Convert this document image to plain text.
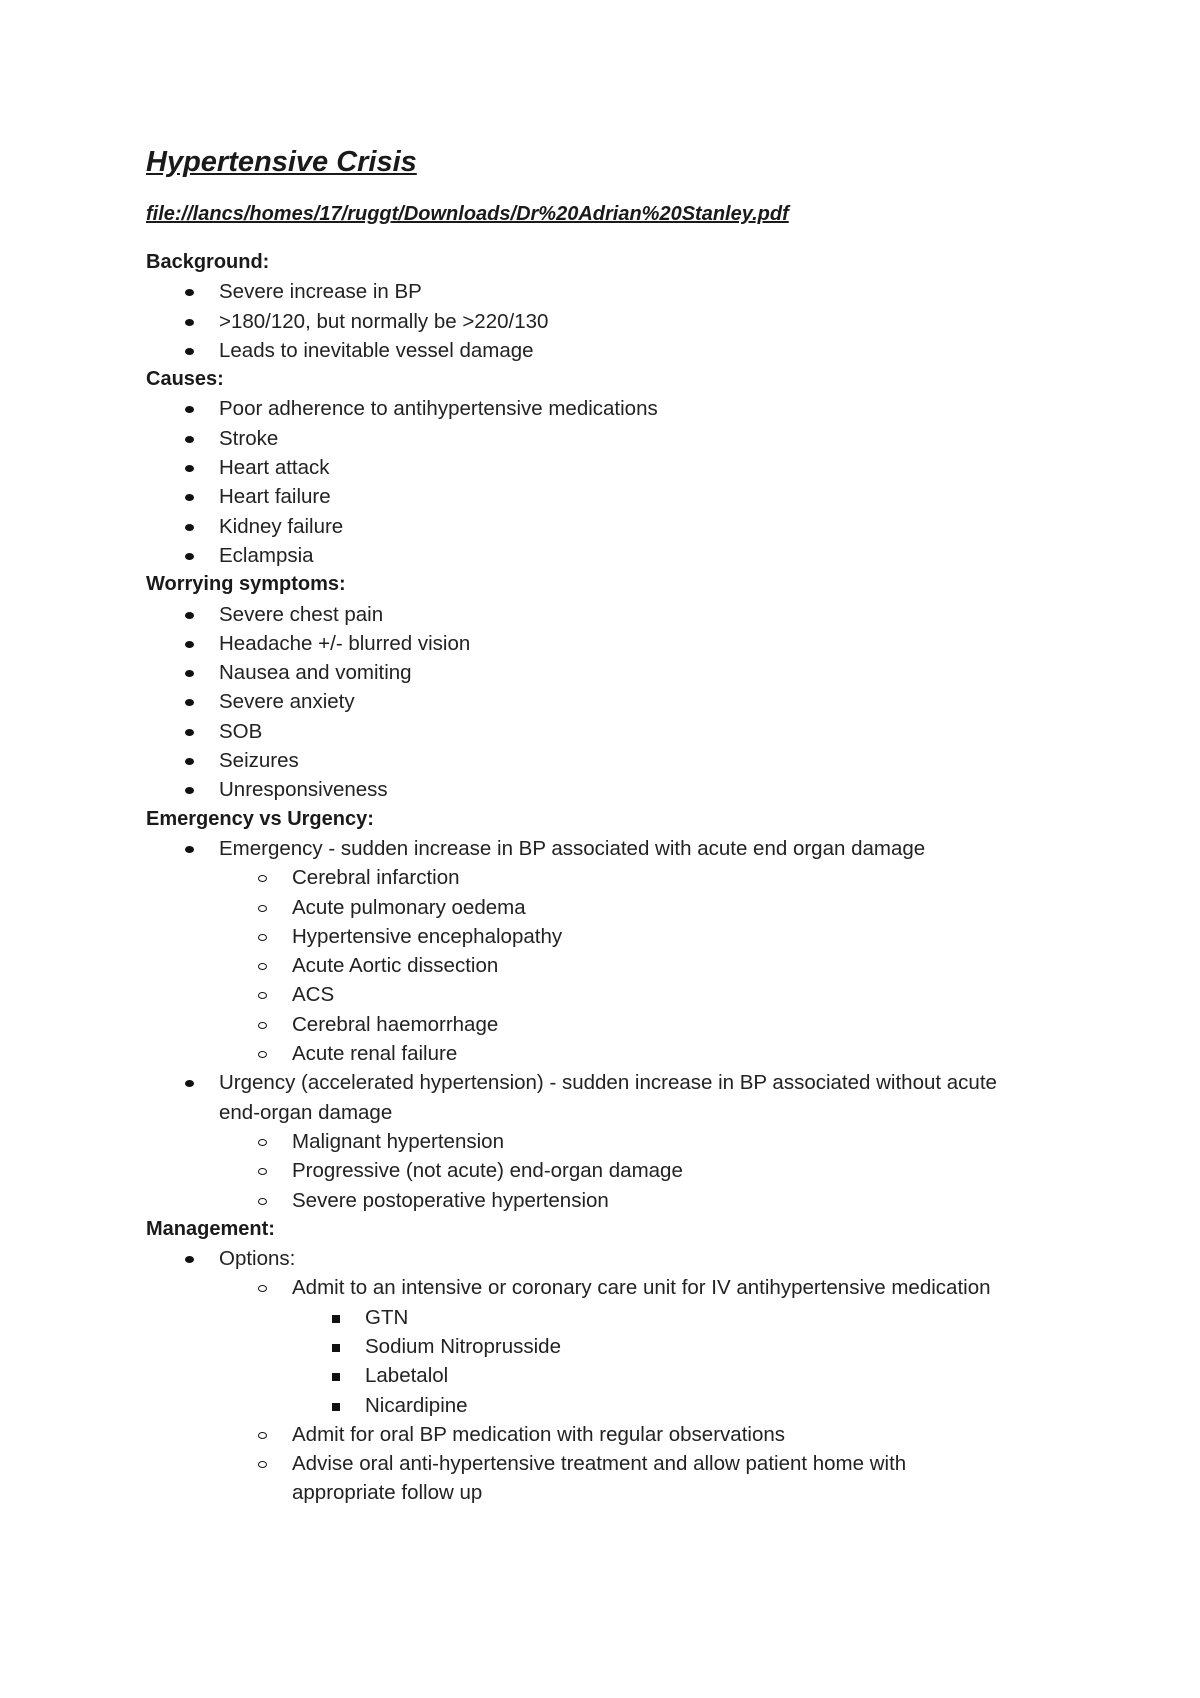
Hypertensive Crisis
file://lancs/homes/17/ruggt/Downloads/Dr%20Adrian%20Stanley.pdf
Background:
Severe increase in BP
>180/120, but normally be >220/130
Leads to inevitable vessel damage
Causes:
Poor adherence to antihypertensive medications
Stroke
Heart attack
Heart failure
Kidney failure
Eclampsia
Worrying symptoms:
Severe chest pain
Headache +/- blurred vision
Nausea and vomiting
Severe anxiety
SOB
Seizures
Unresponsiveness
Emergency vs Urgency:
Emergency - sudden increase in BP associated with acute end organ damage
Cerebral infarction
Acute pulmonary oedema
Hypertensive encephalopathy
Acute Aortic dissection
ACS
Cerebral haemorrhage
Acute renal failure
Urgency (accelerated hypertension) - sudden increase in BP associated without acute end-organ damage
Malignant hypertension
Progressive (not acute) end-organ damage
Severe postoperative hypertension
Management:
Options:
Admit to an intensive or coronary care unit for IV antihypertensive medication
GTN
Sodium Nitroprusside
Labetalol
Nicardipine
Admit for oral BP medication with regular observations
Advise oral anti-hypertensive treatment and allow patient home with appropriate follow up
